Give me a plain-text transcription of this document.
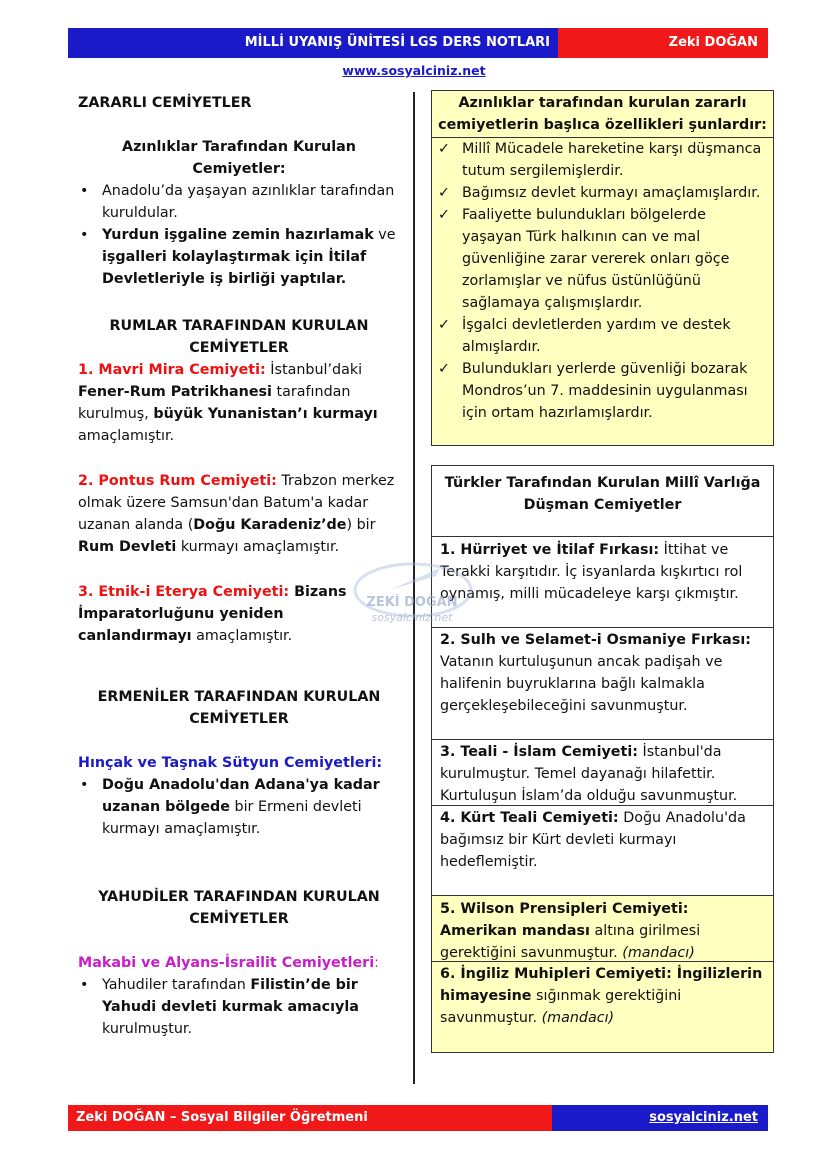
MİLLİ UYANIŞ ÜNİTESİ LGS DERS NOTLARI	Zeki DOĞAN
www.sosyalciniz.net
ZARARLI CEMİYETLER
Azınlıklar Tarafından Kurulan Cemiyetler:
• Anadolu’da yaşayan azınlıklar tarafından kuruldular.
• Yurdun işgaline zemin hazırlamak ve işgalleri kolaylaştırmak için İtilaf Devletleriyle iş birliği yaptılar.
RUMLAR TARAFINDAN KURULAN CEMİYETLER
1. Mavri Mira Cemiyeti: İstanbul’daki Fener-Rum Patrikhanesi tarafından kurulmuş, büyük Yunanistan’ı kurmayı amaçlamıştır.
2. Pontus Rum Cemiyeti: Trabzon merkez olmak üzere Samsun'dan Batum'a kadar uzanan alanda (Doğu Karadeniz’de) bir Rum Devleti kurmayı amaçlamıştır.
3. Etnik-i Eterya Cemiyeti: Bizans İmparatorluğunu yeniden canlandırmayı amaçlamıştır.
ERMENİLER TARAFINDAN KURULAN CEMİYETLER
Hınçak ve Taşnak Sütyun Cemiyetleri:
• Doğu Anadolu'dan Adana'ya kadar uzanan bölgede bir Ermeni devleti kurmayı amaçlamıştır.
YAHUDİLER TARAFINDAN KURULAN CEMİYETLER
Makabi ve Alyans-İsrailit Cemiyetleri:
• Yahudiler tarafından Filistin’de bir Yahudi devleti kurmak amacıyla kurulmuştur.
Azınlıklar tarafından kurulan zararlı cemiyetlerin başlıca özellikleri şunlardır:
✓ Millî Mücadele hareketine karşı düşmanca tutum sergilemişlerdir.
✓ Bağımsız devlet kurmayı amaçlamışlardır.
✓ Faaliyette bulundukları bölgelerde yaşayan Türk halkının can ve mal güvenliğine zarar vererek onları göçe zorlamışlar ve nüfus üstünlüğünü sağlamaya çalışmışlardır.
✓ İşgalci devletlerden yardım ve destek almışlardır.
✓ Bulundukları yerlerde güvenliği bozarak Mondros’un 7. maddesinin uygulanması için ortam hazırlamışlardır.
Türkler Tarafından Kurulan Millî Varlığa Düşman Cemiyetler
1. Hürriyet ve İtilaf Fırkası: İttihat ve Terakki karşıtıdır. İç isyanlarda kışkırtıcı rol oynamış, milli mücadeleye karşı çıkmıştır.
2. Sulh ve Selamet-i Osmaniye Fırkası: Vatanın kurtuluşunun ancak padişah ve halifenin buyruklarına bağlı kalmakla gerçekleşebileceğini savunmuştur.
3. Teali - İslam Cemiyeti: İstanbul'da kurulmuştur. Temel dayanağı hilafettir. Kurtuluşun İslam’da olduğu savunmuştur.
4. Kürt Teali Cemiyeti: Doğu Anadolu'da bağımsız bir Kürt devleti kurmayı hedeflemiştir.
5. Wilson Prensipleri Cemiyeti: Amerikan mandası altına girilmesi gerektiğini savunmuştur. (mandacı)
6. İngiliz Muhipleri Cemiyeti: İngilizlerin himayesine sığınmak gerektiğini savunmuştur. (mandacı)
ZEKİ DOĞAN
sosyalciniz.net
Zeki DOĞAN – Sosyal Bilgiler Öğretmeni	sosyalciniz.net
